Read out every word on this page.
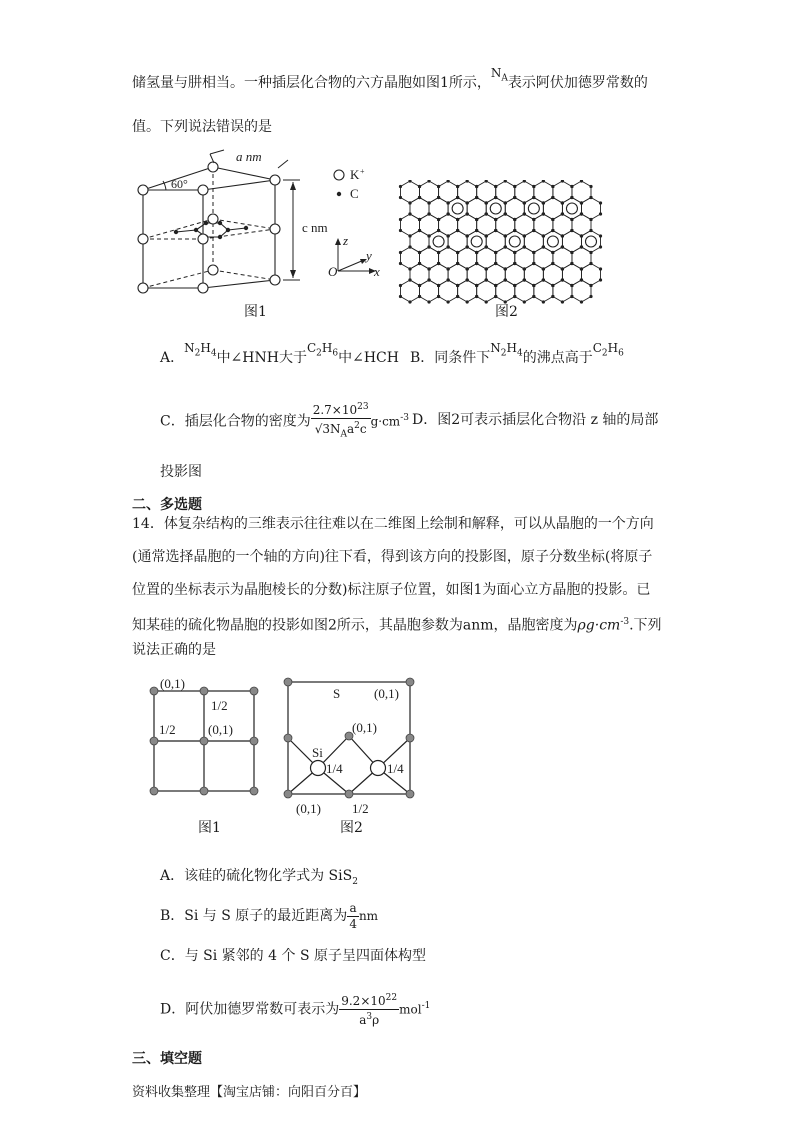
储氢量与肼相当。一种插层化合物的六方晶胞如图1所示，$N_A$表示阿伏加德罗常数的
值。下列说法错误的是
60°
a nm
c nm
K +
C
z
y
x
O
图1	图2
A．$N_2H_4$中∠HNH大于$C_2H_6$中∠HCH B．同条件下$N_2H_4$的沸点高于$C_2H_6$
C．插层化合物的密度为 $\frac{2.7\times 10^{23}}{√3N_Aa^2c} g\cdot cm^{-3}$ D．图2可表示插层化合物沿 z 轴的局部
投影图
二、多选题
14．体复杂结构的三维表示往往难以在二维图上绘制和解释，可以从晶胞的一个方向
(通常选择晶胞的一个轴的方向)往下看，得到该方向的投影图，原子分数坐标(将原子
位置的坐标表示为晶胞棱长的分数)标注原子位置，如图1为面心立方晶胞的投影。已
知某硅的硫化物晶胞的投影如图2所示，其晶胞参数为anm，晶胞密度为$\rho g\cdot cm^{-3}$.下列
说法正确的是
(0,1)
1/2
1/2 (0,1)
图1
S	(0,1)
(0,1)
Si
1/4	1/4
(0,1) 1/2
图2
A．该硅的硫化物化学式为 SiS$_2$
B．Si 与 S 原子的最近距离为 $\frac{a}{4}$ nm
C．与 Si 紧邻的 4 个 S 原子呈四面体构型
D．阿伏加德罗常数可表示为 $\frac{9.2\times 10^{22}}{a^3\rho} mol^{-1}$
三、填空题
资料收集整理【淘宝店铺：向阳百分百】
